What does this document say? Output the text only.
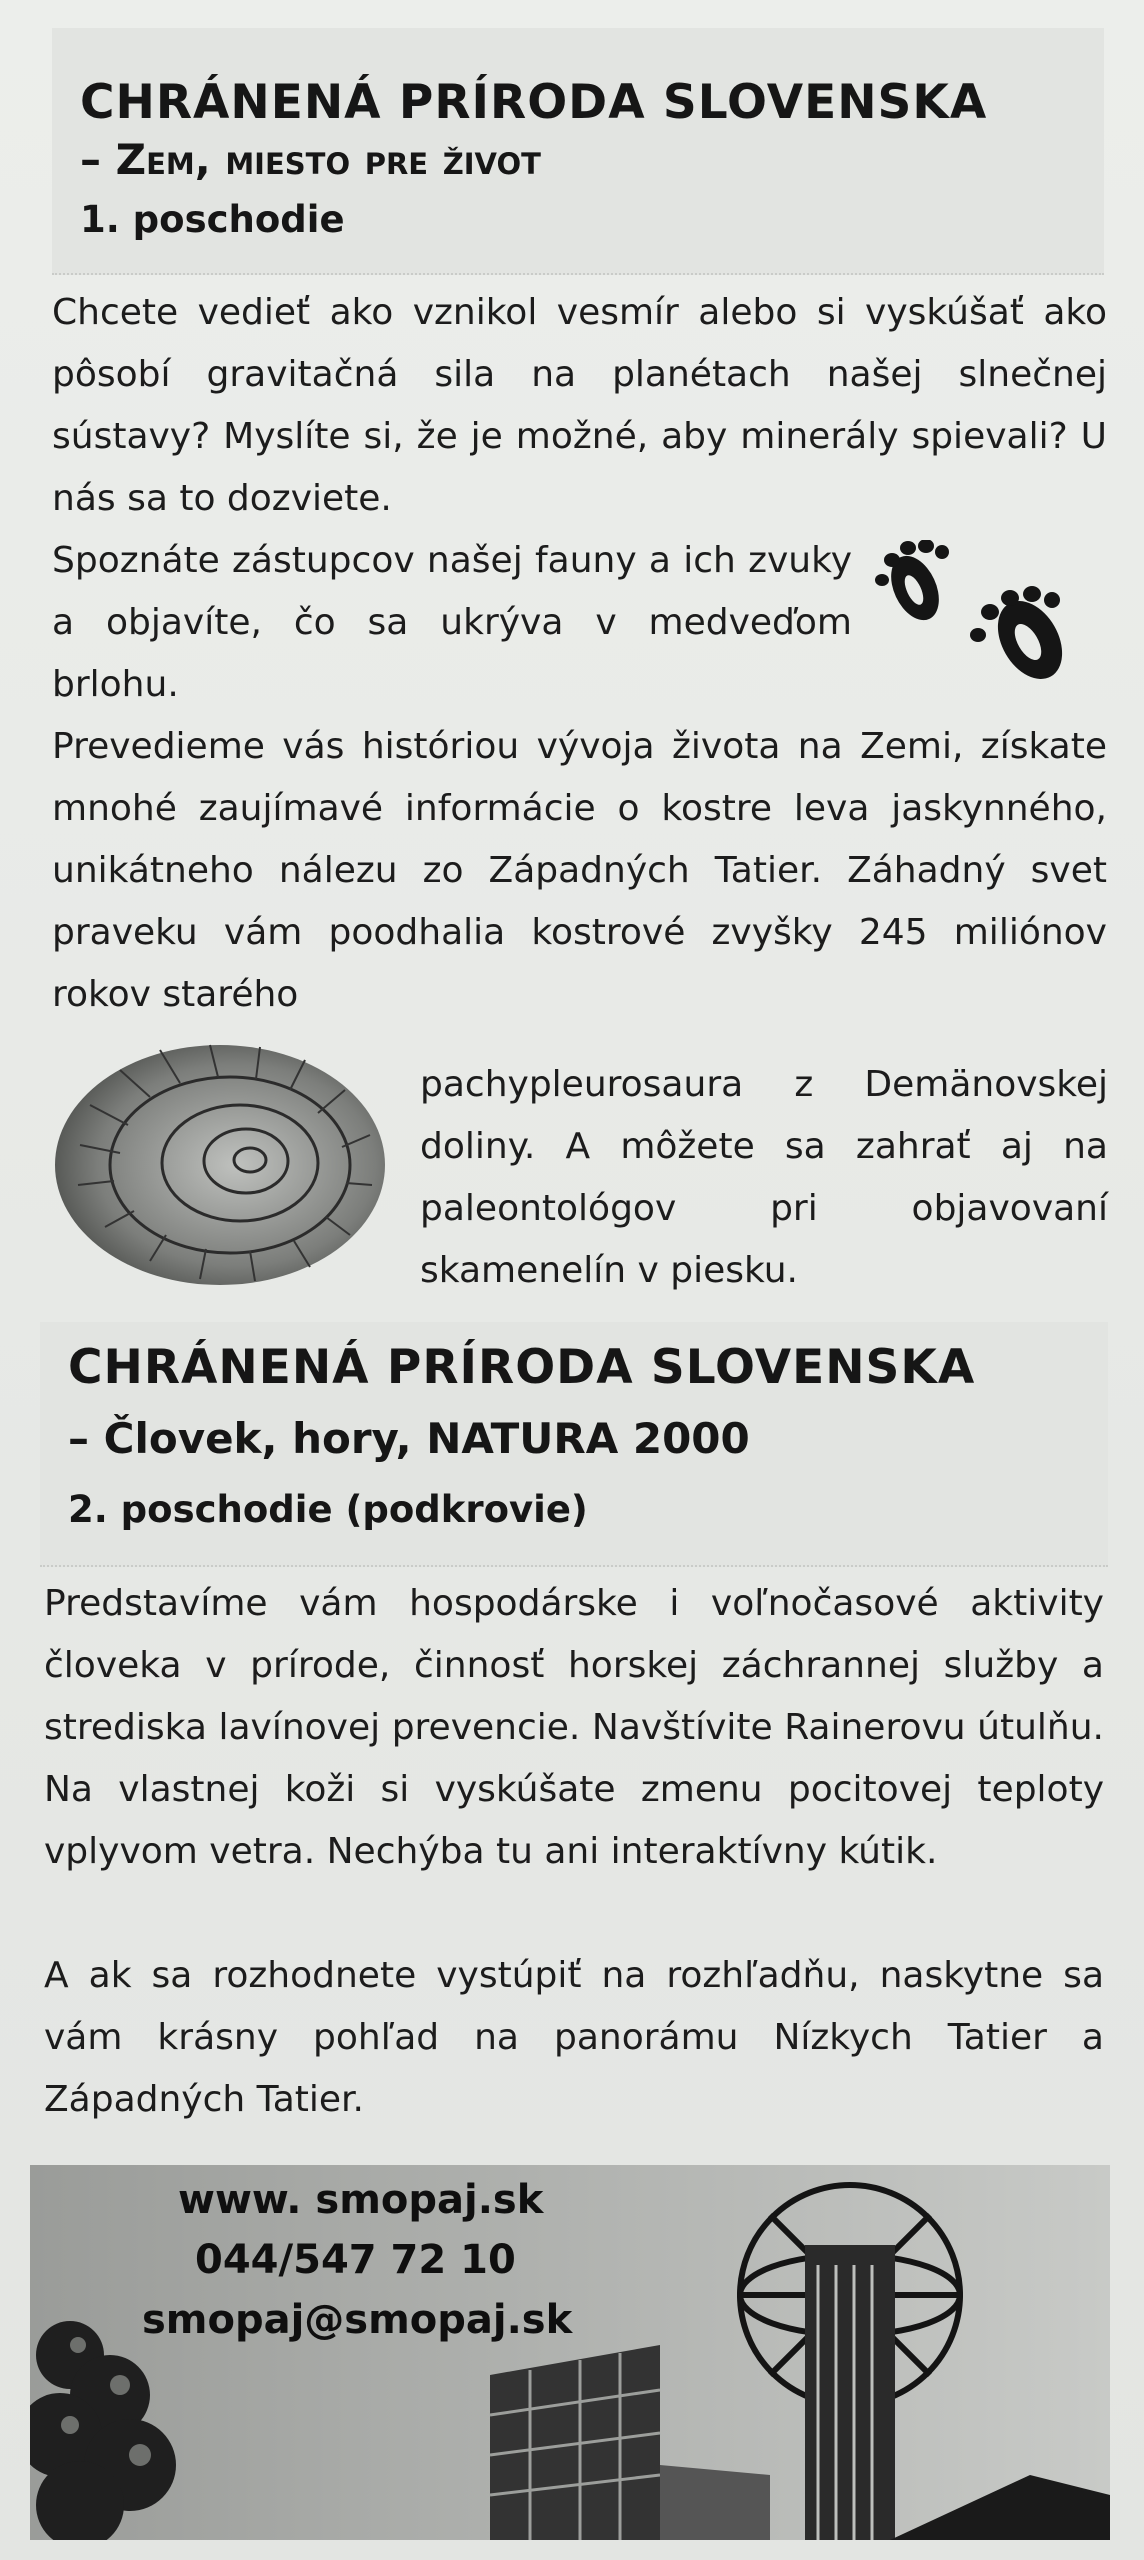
CHRÁNENÁ PRÍRODA SLOVENSKA
– Zem, miesto pre život
1. poschodie
Chcete vedieť ako vznikol vesmír alebo si vyskúšať ako pôsobí gravitačná sila na planétach našej slnečnej sústavy? Myslíte si, že je možné, aby minerály spievali? U nás sa to dozviete.
Spoznáte zástupcov našej fauny a ich zvuky a objavíte, čo sa ukrýva v medveďom brlohu.
Prevedieme vás históriou vývoja života na Zemi, získate mnohé zaujímavé informácie o kostre leva jaskynného, unikátneho nálezu zo Západných Tatier. Záhadný svet praveku vám poodhalia kostrové zvyšky 245 miliónov rokov starého
pachypleurosaura z Demänovskej doliny. A môžete sa zahrať aj na paleontológov pri objavovaní skamenelín v piesku.
CHRÁNENÁ PRÍRODA SLOVENSKA
– Človek, hory, NATURA 2000
2. poschodie (podkrovie)
Predstavíme vám hospodárske i voľnočasové aktivity človeka v prírode, činnosť horskej záchrannej služby a strediska lavínovej prevencie. Navštívite Rainerovu útulňu. Na vlastnej koži si vyskúšate zmenu pocitovej teploty vplyvom vetra. Nechýba tu ani interaktívny kútik.
A ak sa rozhodnete vystúpiť na rozhľadňu, naskytne sa vám krásny pohľad na panorámu Nízkych Tatier a Západných Tatier.
www. smopaj.sk
044/547 72 10
smopaj@smopaj.sk
